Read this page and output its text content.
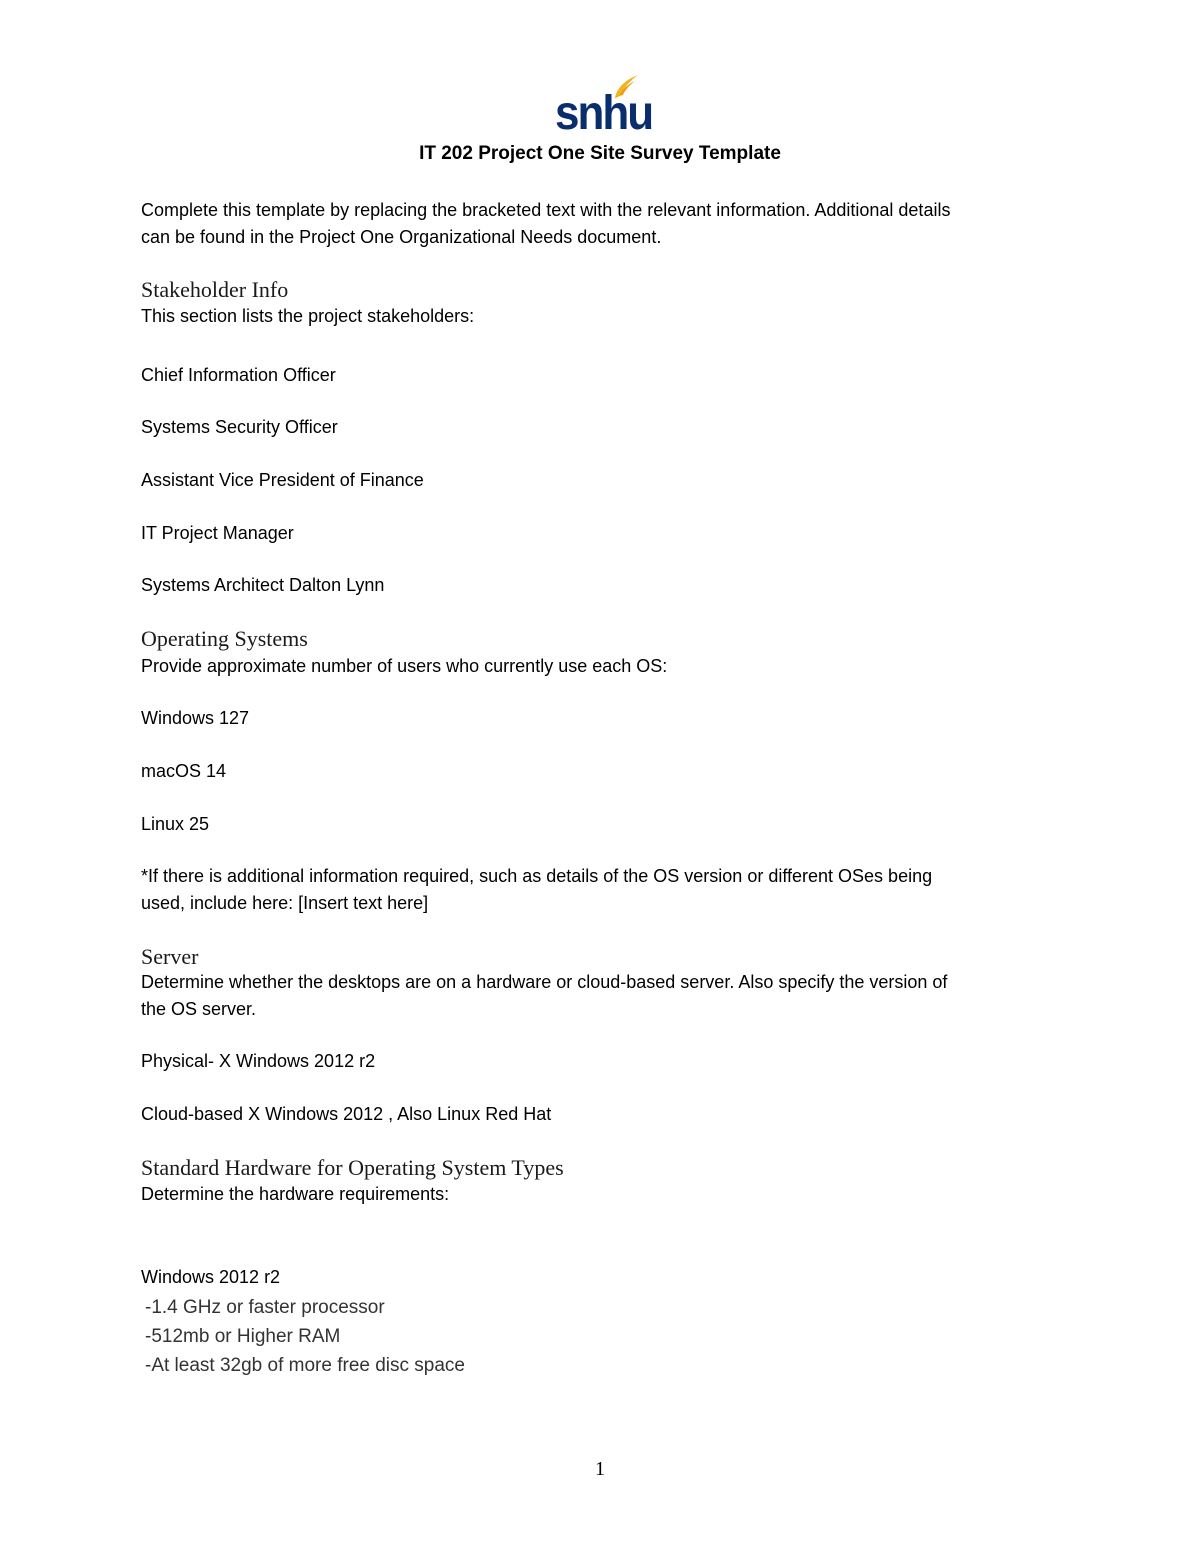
snhu
IT 202 Project One Site Survey Template
Complete this template by replacing the bracketed text with the relevant information. Additional details
can be found in the Project One Organizational Needs document.
Stakeholder Info
This section lists the project stakeholders:
Chief Information Officer
Systems Security Officer
Assistant Vice President of Finance
IT Project Manager
Systems Architect Dalton Lynn
Operating Systems
Provide approximate number of users who currently use each OS:
Windows 127
macOS 14
Linux 25
*If there is additional information required, such as details of the OS version or different OSes being
used, include here: [Insert text here]
Server
Determine whether the desktops are on a hardware or cloud-based server. Also specify the version of
the OS server.
Physical- X Windows 2012 r2
Cloud-based X Windows 2012 , Also Linux Red Hat
Standard Hardware for Operating System Types
Determine the hardware requirements:
Windows 2012 r2
-1.4 GHz or faster processor
-512mb or Higher RAM
-At least 32gb of more free disc space
1
